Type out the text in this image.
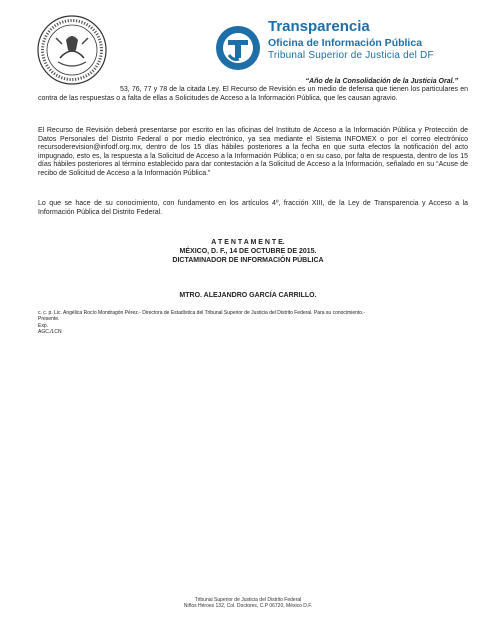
Transparencia
Oficina de Información Pública
Tribunal Superior de Justicia del DF
“Año de la Consolidación de la Justicia Oral.”
53, 76, 77 y 78 de la citada Ley. El Recurso de Revisión es un medio de defensa que tienen los particulares en contra de las respuestas o a falta de ellas a Solicitudes de Acceso a la Información Pública, que les causan agravio.
El Recurso de Revisión deberá presentarse por escrito en las oficinas del Instituto de Acceso a la Información Pública y Protección de Datos Personales del Distrito Federal o por medio electrónico, ya sea mediante el Sistema INFOMEX o por el correo electrónico recursoderevision@infodf.org.mx, dentro de los 15 días hábiles posteriores a la fecha en que surta efectos la notificación del acto impugnado, esto es, la respuesta a la Solicitud de Acceso a la Información Pública; o en su caso, por falta de respuesta, dentro de los 15 días hábiles posteriores al término establecido para dar contestación a la Solicitud de Acceso a la Información, señalado en su “Acuse de recibo de Solicitud de Acceso a la Información Pública.”
Lo que se hace de su conocimiento, con fundamento en los artículos 4º, fracción XIII, de la Ley de Transparencia y Acceso a la Información Pública del Distrito Federal.
A T E N T A M E N T E.
MÉXICO, D. F., 14 DE OCTUBRE DE 2015.
DICTAMINADOR DE INFORMACIÓN PÚBLICA
MTRO. ALEJANDRO GARCÍA CARRILLO.
c. c. p. Lic. Angélica Rocío Mondragón Pérez.- Directora de Estadística del Tribunal Superior de Justicia del Distrito Federal. Para su conocimiento.-
Presente.
Exp.
AGC./LCN
Tribunal Superior de Justicia del Distrito Federal
Niños Héroes 132, Col. Doctores, C.P 06720, México D.F.
